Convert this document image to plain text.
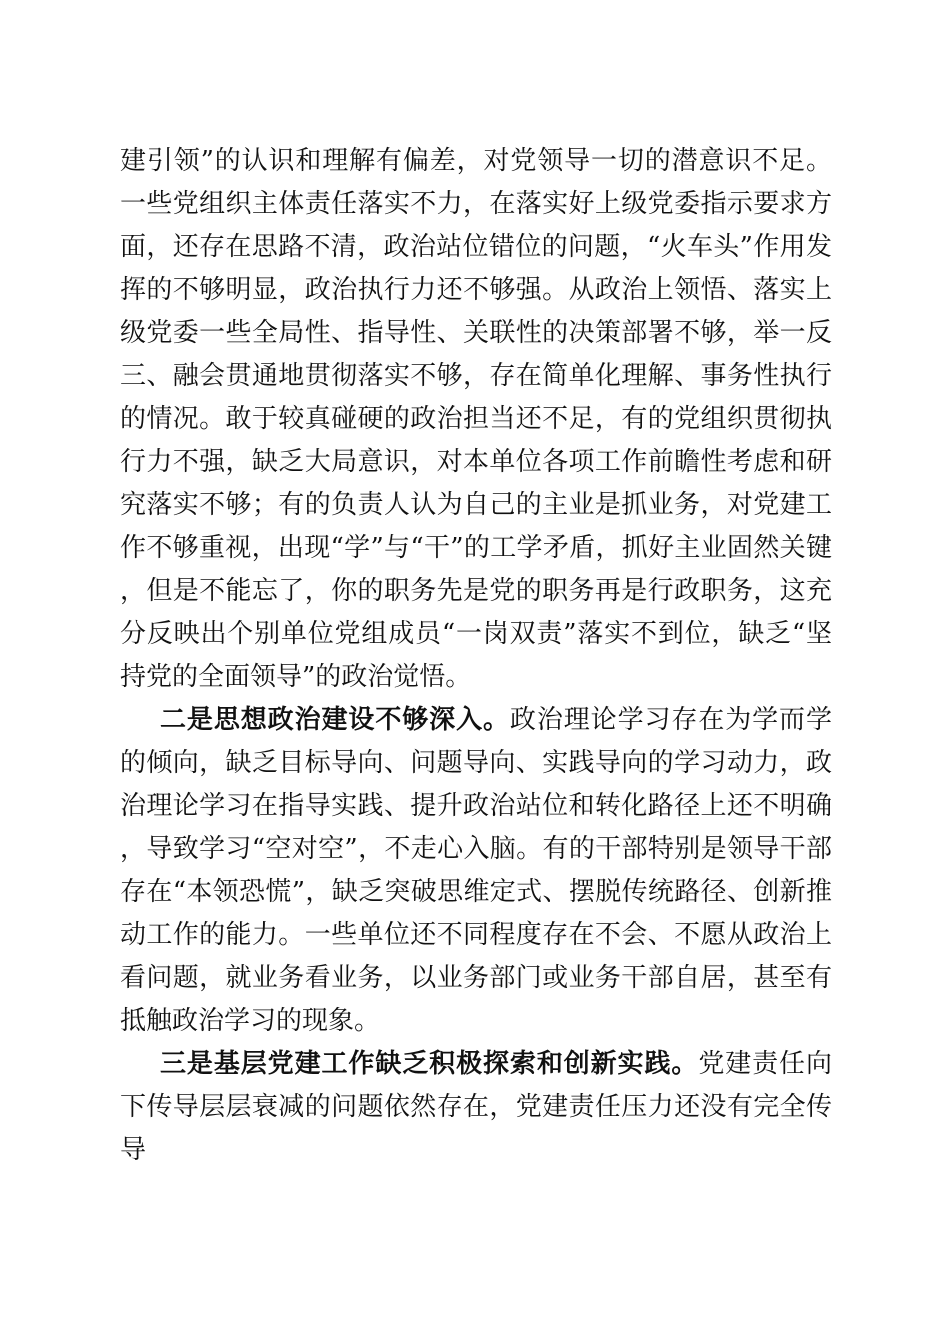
建引领”的认识和理解有偏差，对党领导一切的潜意识不足。一些党组织主体责任落实不力，在落实好上级党委指示要求方面，还存在思路不清，政治站位错位的问题，“火车头”作用发挥的不够明显，政治执行力还不够强。从政治上领悟、落实上级党委一些全局性、指导性、关联性的决策部署不够，举一反三、融会贯通地贯彻落实不够，存在简单化理解、事务性执行的情况。敢于较真碰硬的政治担当还不足，有的党组织贯彻执行力不强，缺乏大局意识，对本单位各项工作前瞻性考虑和研究落实不够；有的负责人认为自己的主业是抓业务，对党建工作不够重视，出现“学”与“干”的工学矛盾，抓好主业固然关键，但是不能忘了，你的职务先是党的职务再是行政职务，这充分反映出个别单位党组成员“一岗双责”落实不到位，缺乏“坚持党的全面领导”的政治觉悟。

二是思想政治建设不够深入。政治理论学习存在为学而学的倾向，缺乏目标导向、问题导向、实践导向的学习动力，政治理论学习在指导实践、提升政治站位和转化路径上还不明确，导致学习“空对空”，不走心入脑。有的干部特别是领导干部存在“本领恐慌”，缺乏突破思维定式、摆脱传统路径、创新推动工作的能力。一些单位还不同程度存在不会、不愿从政治上看问题，就业务看业务，以业务部门或业务干部自居，甚至有抵触政治学习的现象。

三是基层党建工作缺乏积极探索和创新实践。党建责任向下传导层层衰减的问题依然存在，党建责任压力还没有完全传导
